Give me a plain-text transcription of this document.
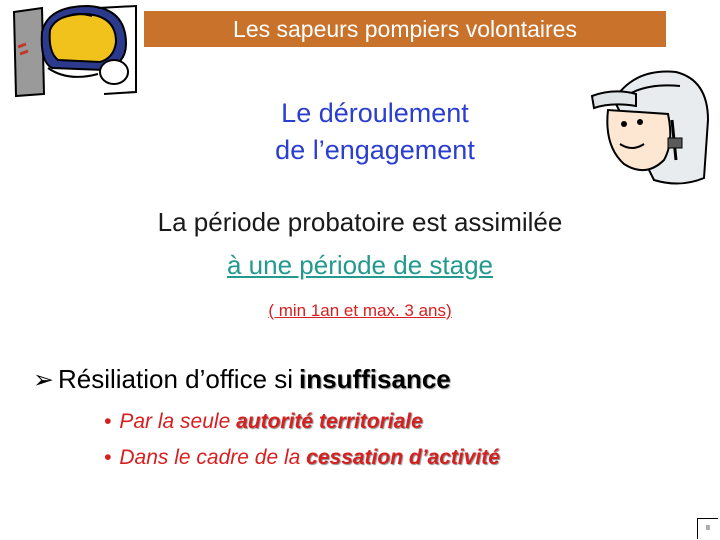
Les sapeurs pompiers volontaires
Le déroulement
de l’engagement
La période probatoire est assimilée
à une période de stage
( min 1an et max. 3 ans)
➢ Résiliation d’office si insuffisance
• Par la seule autorité territoriale
• Dans le cadre de la cessation d’activité
II
